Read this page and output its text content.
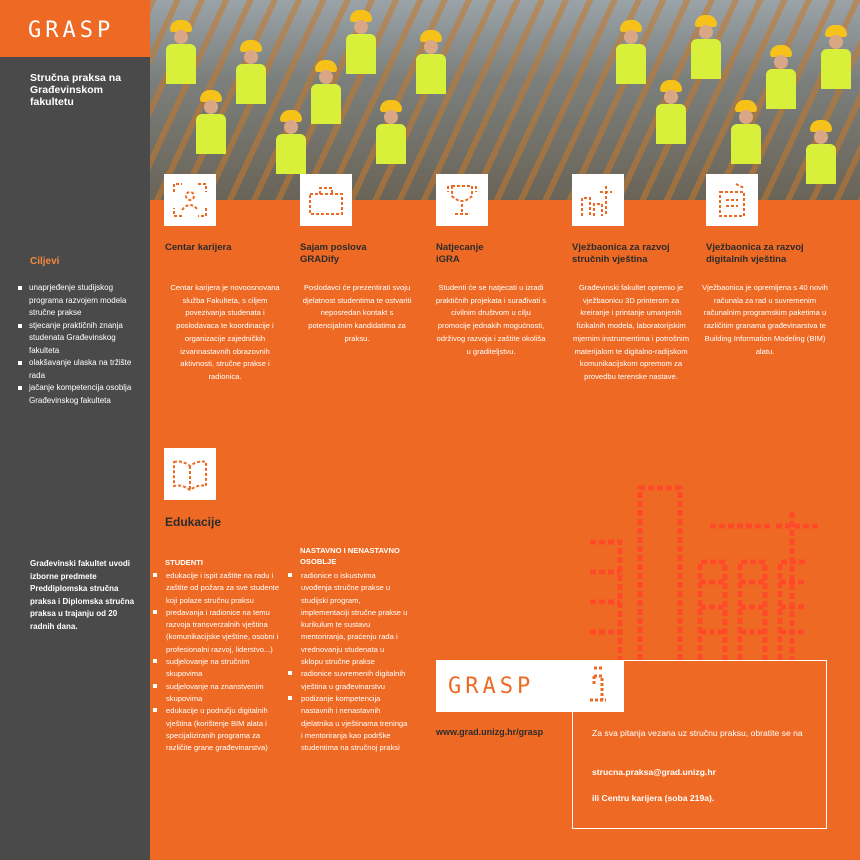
GRASP
Stručna praksa na Građevinskom fakultetu
Ciljevi
unaprjeđenje studijskog programa razvojem modela stručne prakse
stjecanje praktičnih znanja studenata Građevinskog fakulteta
olakšavanje ulaska na tržište rada
jačanje kompetencija osoblja Građevinskog fakulteta
Građevinski fakultet uvodi izborne predmete Preddiplomska stručna praksa i Diplomska stručna praksa u trajanju od 20 radnih dana.
Centar karijera	Sajam poslova GRADify
Natjecanje iGRA
Vježbaonica za razvoj stručnih vještina
Vježbaonica za razvoj digitalnih vještina
Centar karijera je novoosnovana služba Fakulteta, s ciljem povezivanja studenata i poslodavaca te koordinacije i organizacije zajedničkih izvannastavnih obrazovnih aktivnosti, stručne prakse i radionica.
Poslodavci će prezentirati svoju djelatnost studentima te ostvariti neposredan kontakt s potencijalnim kandidatima za praksu.
Studenti će se natjecati u izradi praktičnih projekata i surađivati s civilnim društvom u cilju promocije jednakih mogućnosti, održivog razvoja i zaštite okoliša u graditeljstvu.
Građevinski fakultet opremio je vježbaonicu 3D printerom za kreiranje i printanje umanjenih fizikalnih modela, laboratorijskim mjernim instrumentima i potrošnim materijalom te digitalno-radijskom komunikacijskom opremom za provedbu terenske nastave.
Vježbaonica je opremljena s 40 novih računala za rad u suvremenim računalnim programskim paketima u različitim granama građevinarstva te Building Information Modeling (BIM) alatu.
Edukacije
STUDENTI
edukacije i ispit zaštite na radu i zaštite od požara za sve studente koji polaze stručnu praksu
predavanja i radionice na temu razvoja transverzalnih vještina (komunikacijske vještine, osobni i profesionalni razvoj, liderstvo...)
sudjelovanje na stručnim skupovima
sudjelovanje na znanstvenim skupovima
edukacije u području digitalnih vještina (korištenje BIM alata i specijaliziranih programa za različite grane građevinarstva)
NASTAVNO I NENASTAVNO OSOBLJE
radionice o iskustvima uvođenja stručne prakse u studijski program, implementaciji stručne prakse u kurikulum te sustavu mentoriranja, praćenju rada i vrednovanju studenata u sklopu stručne prakse
radionice suvremenih digitalnih vještina u građevinarstvu
podizanje kompetencija nastavnih i nenastavnih djelatnika u vještinama treninga i mentoriranja kao podrške studentima na stručnoj praksi
GRASP
www.grad.unizg.hr/grasp	Za sva pitanja vezana uz stručnu praksu, obratite se na
strucna.praksa@grad.unizg.hr
ili Centru karijera (soba 219a).
